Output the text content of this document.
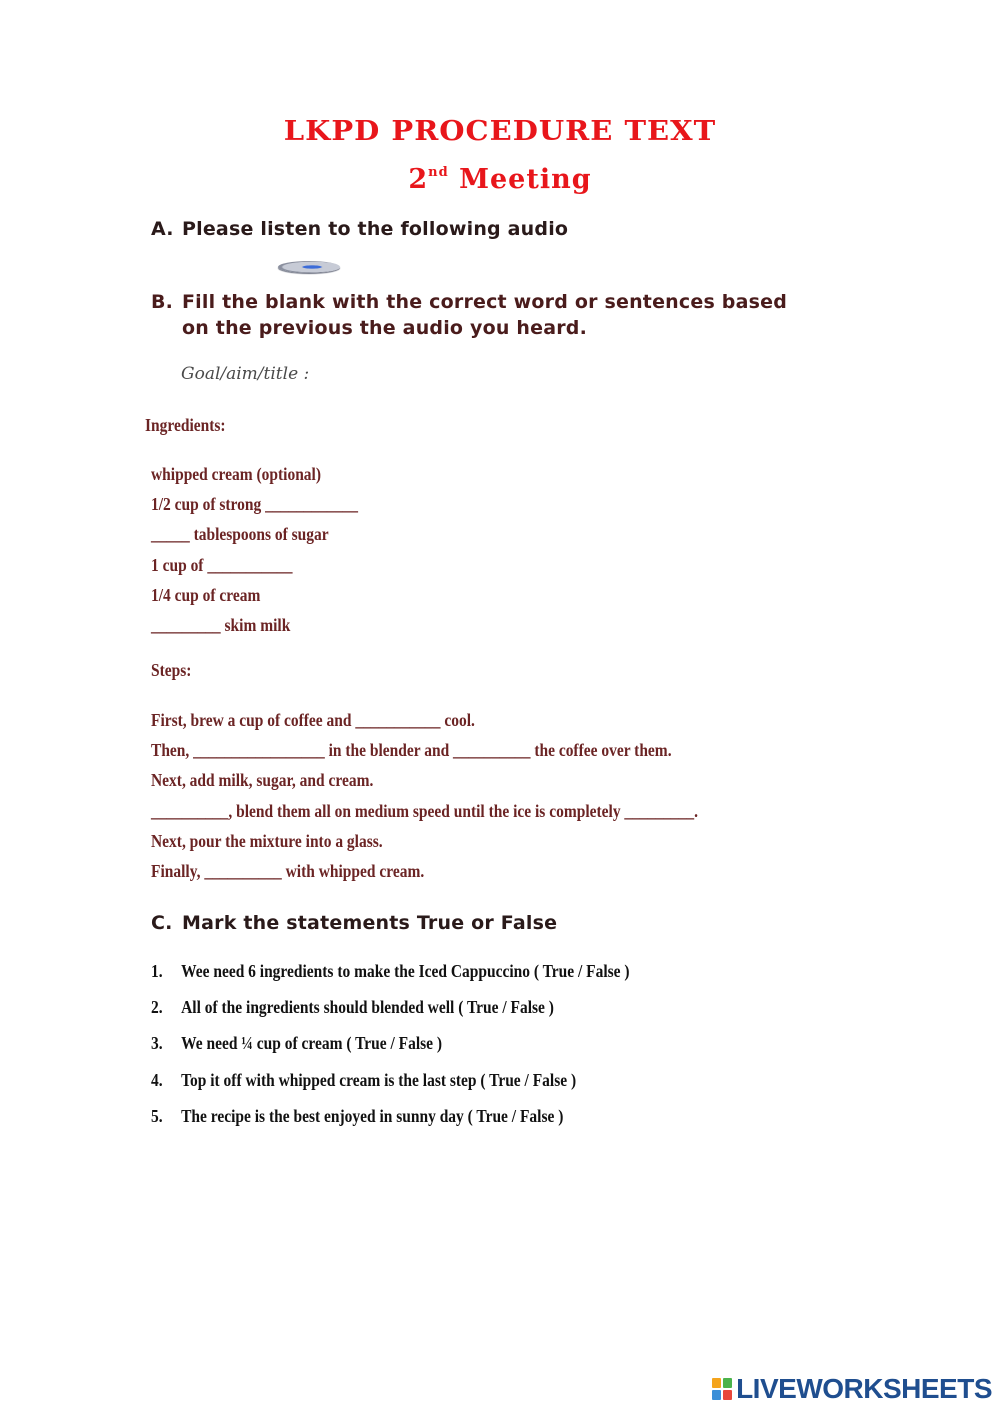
LKPD PROCEDURE TEXT
2nd Meeting
A. Please listen to the following audio
B. Fill the blank with the correct word or sentences based
on the previous the audio you heard.
Goal/aim/title :
Ingredients:
whipped cream (optional)
1/2 cup of strong ____________
_____ tablespoons of sugar
1 cup of ___________
1/4 cup of cream
_________ skim milk
Steps:
First, brew a cup of coffee and ___________ cool.
Then, _________________ in the blender and __________ the coffee over them.
Next, add milk, sugar, and cream.
__________, blend them all on medium speed until the ice is completely _________.
Next, pour the mixture into a glass.
Finally, __________ with whipped cream.
C. Mark the statements True or False
1. Wee need 6 ingredients to make the Iced Cappuccino ( True / False )
2. All of the ingredients should blended well ( True / False )
3. We need ¼ cup of cream ( True / False )
4. Top it off with whipped cream is the last step ( True / False )
5. The recipe is the best enjoyed in sunny day ( True / False )
LIVEWORKSHEETS
